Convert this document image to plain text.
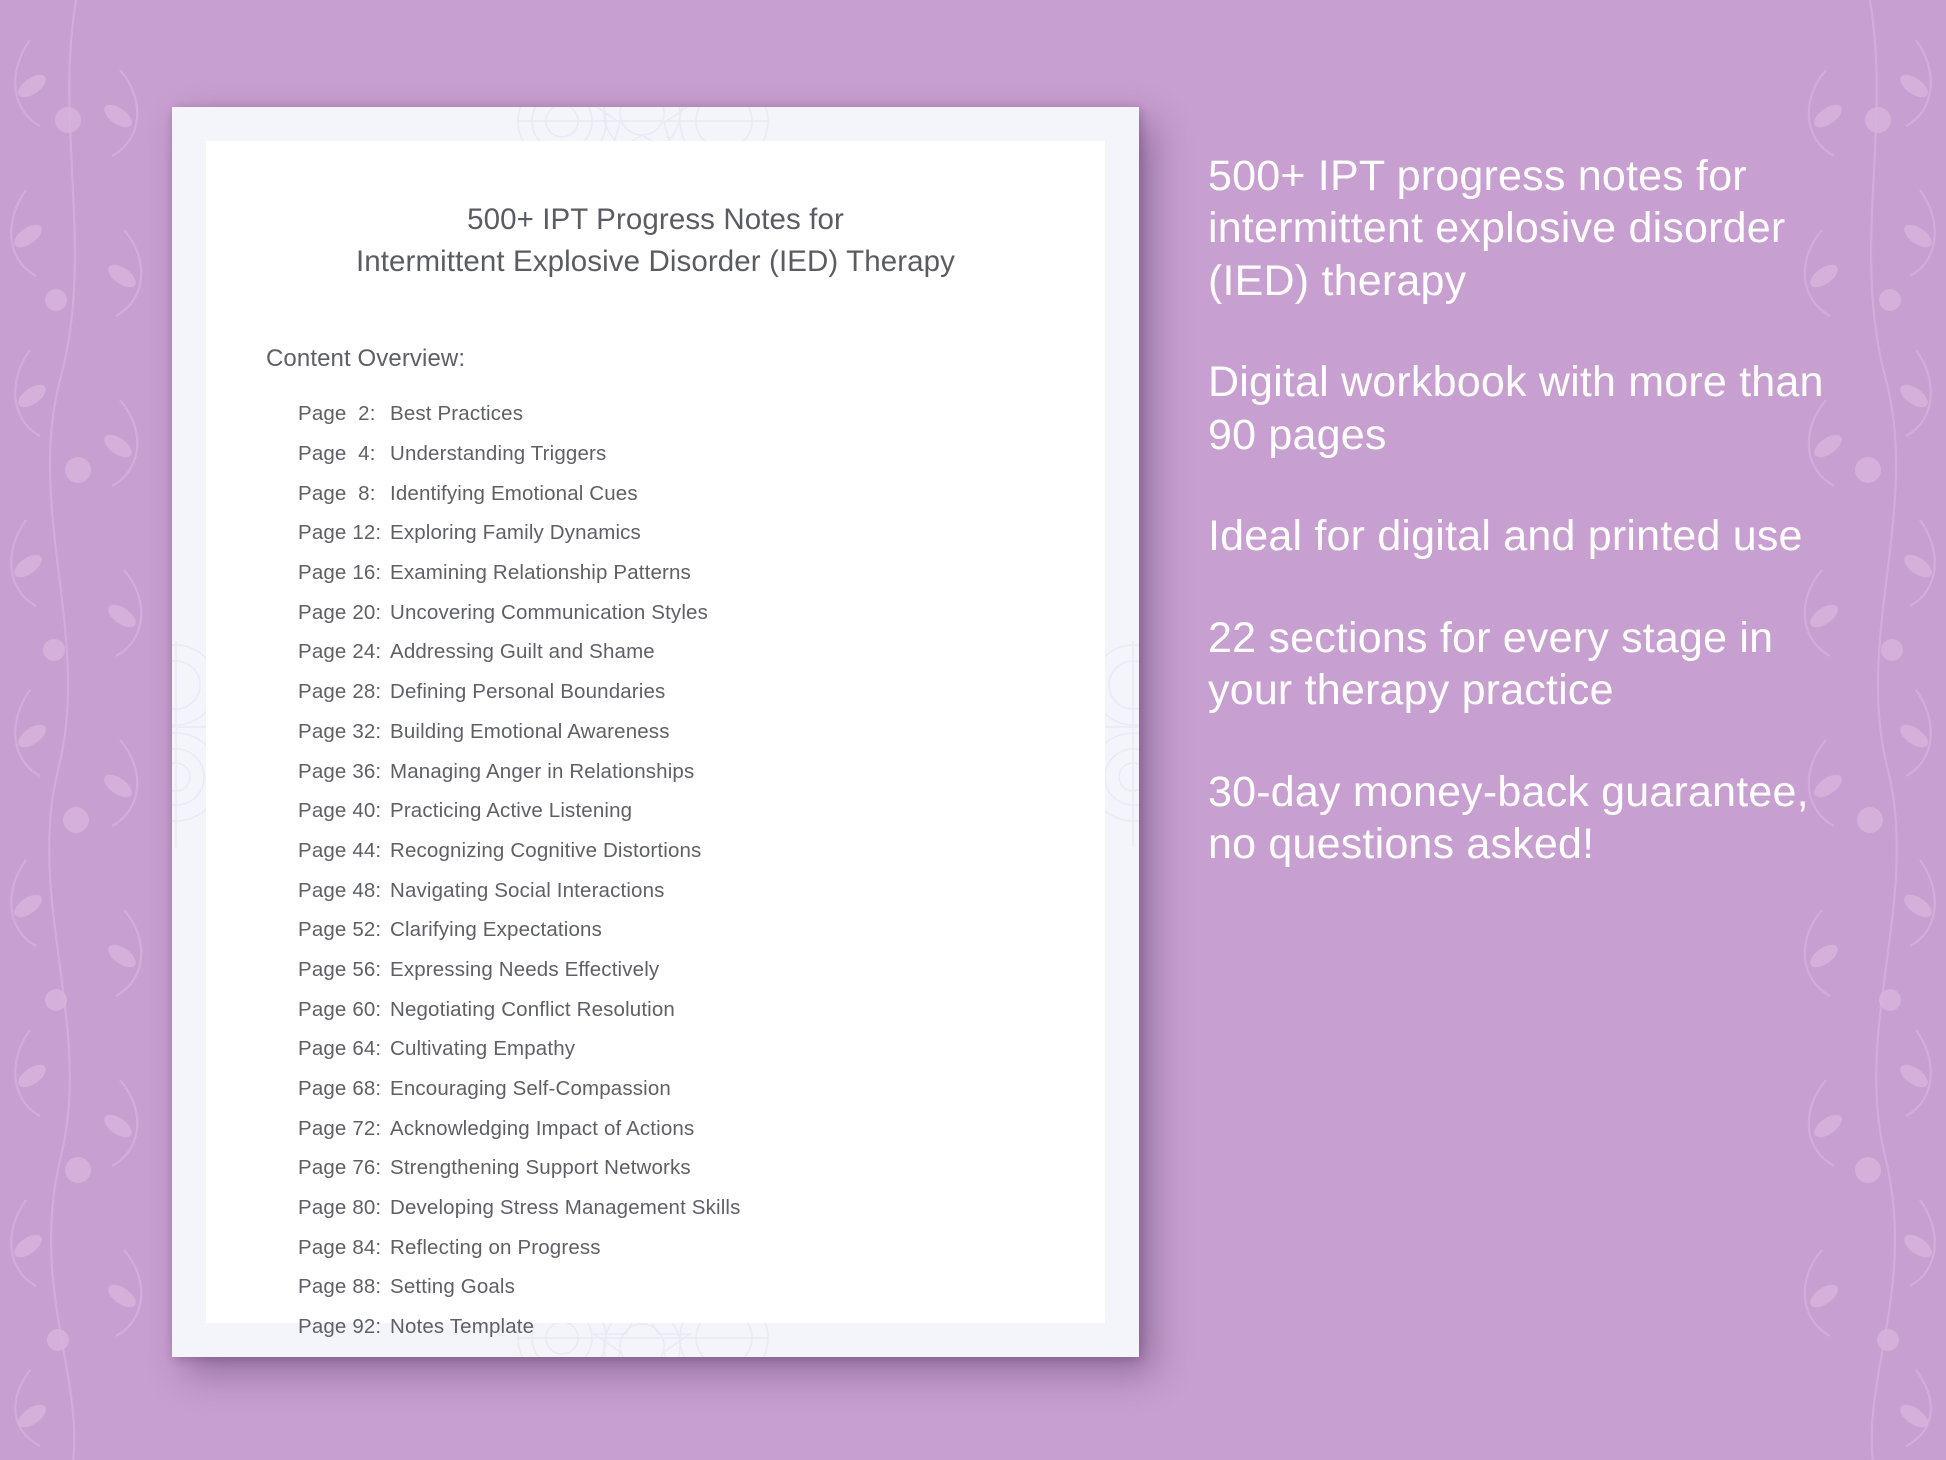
500+ IPT Progress Notes for
Intermittent Explosive Disorder (IED) Therapy
Content Overview:
Page  2: Best Practices
Page  4: Understanding Triggers
Page  8: Identifying Emotional Cues
Page 12: Exploring Family Dynamics
Page 16: Examining Relationship Patterns
Page 20: Uncovering Communication Styles
Page 24: Addressing Guilt and Shame
Page 28: Defining Personal Boundaries
Page 32: Building Emotional Awareness
Page 36: Managing Anger in Relationships
Page 40: Practicing Active Listening
Page 44: Recognizing Cognitive Distortions
Page 48: Navigating Social Interactions
Page 52: Clarifying Expectations
Page 56: Expressing Needs Effectively
Page 60: Negotiating Conflict Resolution
Page 64: Cultivating Empathy
Page 68: Encouraging Self-Compassion
Page 72: Acknowledging Impact of Actions
Page 76: Strengthening Support Networks
Page 80: Developing Stress Management Skills
Page 84: Reflecting on Progress
Page 88: Setting Goals
Page 92: Notes Template
500+ IPT progress notes for intermittent explosive disorder (IED) therapy
Digital workbook with more than 90 pages
Ideal for digital and printed use
22 sections for every stage in your therapy practice
30-day money-back guarantee, no questions asked!
